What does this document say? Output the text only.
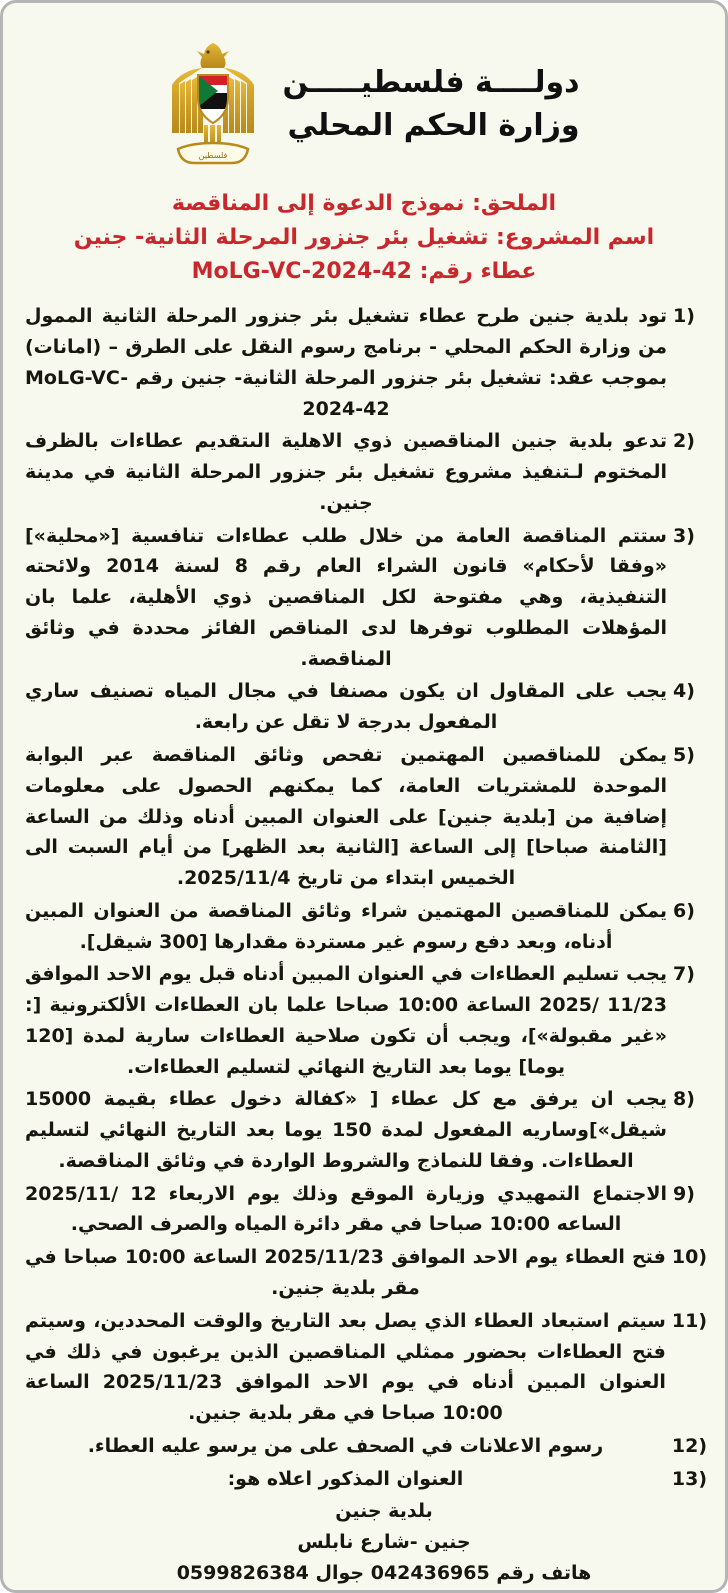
فلسطين
دولــــة فلسطيـــــن
وزارة الحكم المحلي
الملحق: نموذج الدعوة إلى المناقصة
اسم المشروع: تشغيل بئر جنزور المرحلة الثانية- جنين
عطاء رقم: MoLG-VC-2024-42
1)
تود بلدية جنين طرح عطاء تشغيل بئر جنزور المرحلة الثانية الممول من وزارة الحكم المحلي - برنامج رسوم النقل على الطرق – (امانات) بموجب عقد: تشغيل بئر جنزور المرحلة الثانية- جنين رقم MoLG-VC-2024-42
2)
تدعو بلدية جنين المناقصين ذوي الاهلية الىتقديم عطاءات بالظرف المختوم لـتنفيذ مشروع تشغيل بئر جنزور المرحلة الثانية في مدينة جنين.
3)
ستتم المناقصة العامة من خلال طلب عطاءات تنافسية [«محلية»] «وفقا لأحكام» قانون الشراء العام رقم 8 لسنة 2014 ولائحته التنفيذية، وهي مفتوحة لكل المناقصين ذوي الأهلية، علما بان المؤهلات المطلوب توفرها لدى المناقص الفائز محددة في وثائق المناقصة.
4)
يجب على المقاول ان يكون مصنفا في مجال المياه تصنيف ساري المفعول بدرجة لا تقل عن رابعة.
5)
يمكن للمناقصين المهتمين تفحص وثائق المناقصة عبر البوابة الموحدة للمشتريات العامة، كما يمكنهم الحصول على معلومات إضافية من [بلدية جنين] على العنوان المبين أدناه وذلك من الساعة [الثامنة صباحا] إلى الساعة [الثانية بعد الظهر] من أيام السبت الى الخميس ابتداء من تاريخ 2025/11/4.
6)
يمكن للمناقصين المهتمين شراء وثائق المناقصة من العنوان المبين أدناه، وبعد دفع رسوم غير مستردة مقدارها [300 شيقل].
7)
يجب تسليم العطاءات في العنوان المبين أدناه قبل يوم الاحد الموافق 11/23 /2025 الساعة 10:00 صباحا علما بان العطاءات الألكترونية [: «غير مقبولة»]، ويجب أن تكون صلاحية العطاءات سارية لمدة [120 يوما] يوما بعد التاريخ النهائي لتسليم العطاءات.
8)
يجب ان يرفق مع كل عطاء [ «كفالة دخول عطاء بقيمة 15000 شيقل»]وساريه المفعول لمدة 150 يوما بعد التاريخ النهائي لتسليم العطاءات. وفقا للنماذج والشروط الواردة في وثائق المناقصة.
9)
الاجتماع التمهيدي وزيارة الموقع وذلك يوم الاربعاء 12 /2025/11 الساعه 10:00 صباحا في مقر دائرة المياه والصرف الصحي.
10)
فتح العطاء يوم الاحد الموافق 2025/11/23 الساعة 10:00 صباحا في مقر بلدية جنين.
11)
سيتم استبعاد العطاء الذي يصل بعد التاريخ والوقت المحددين، وسيتم فتح العطاءات بحضور ممثلي المناقصين الذين يرغبون في ذلك في العنوان المبين أدناه في يوم الاحد الموافق 2025/11/23 الساعة 10:00 صباحا في مقر بلدية جنين.
12)
رسوم الاعلانات في الصحف على من يرسو عليه العطاء.
13)
العنوان المذكور اعلاه هو:
بلدية جنين
جنين -شارع نابلس
هاتف رقم 042436965 جوال 0599826384
